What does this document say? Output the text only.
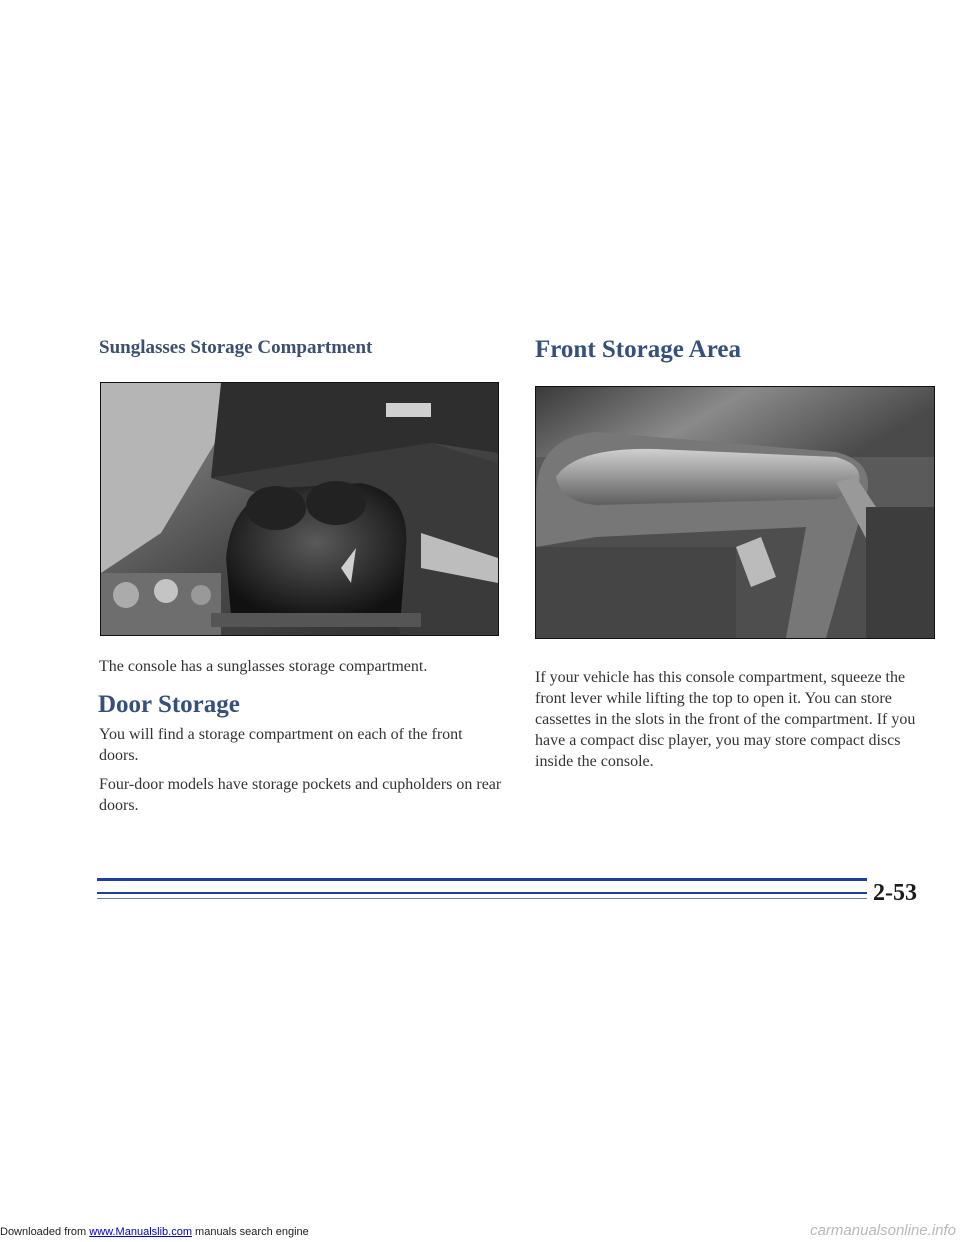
Sunglasses Storage Compartment	Front Storage Area

The console has a sunglasses storage compartment.

Door Storage

You will find a storage compartment on each of the front doors.

Four-door models have storage pockets and cupholders on rear doors.

If your vehicle has this console compartment, squeeze the front lever while lifting the top to open it. You can store cassettes in the slots in the front of the compartment. If you have a compact disc player, you may store compact discs inside the console.

2-53

Downloaded from www.Manualslib.com manuals search engine	carmanualsonline.info
